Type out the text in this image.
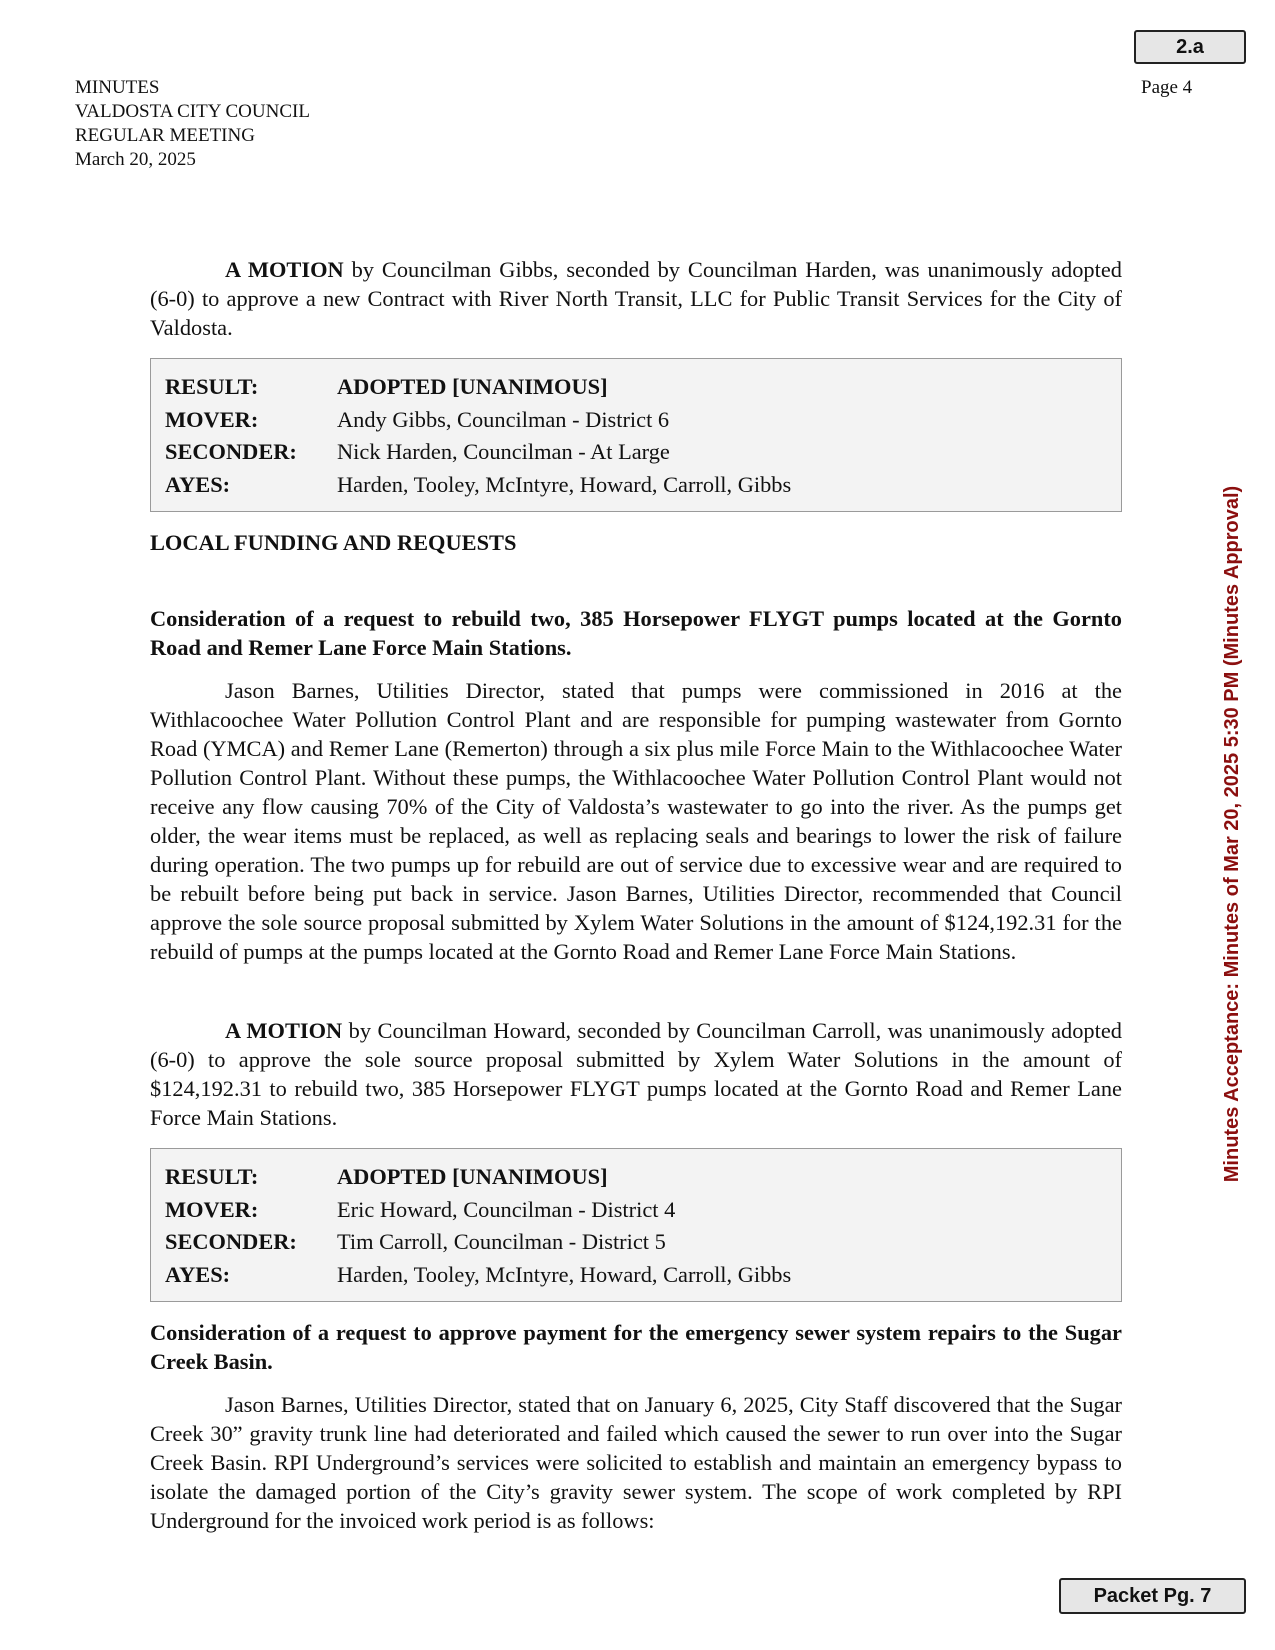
2.a
MINUTES
VALDOSTA CITY COUNCIL
REGULAR MEETING
March 20, 2025
Page 4
Minutes Acceptance: Minutes of Mar 20, 2025 5:30 PM (Minutes Approval)

A MOTION by Councilman Gibbs, seconded by Councilman Harden, was unanimously adopted (6-0) to approve a new Contract with River North Transit, LLC for Public Transit Services for the City of Valdosta.

RESULT:	ADOPTED [UNANIMOUS]
MOVER:	Andy Gibbs, Councilman - District 6
SECONDER:	Nick Harden, Councilman - At Large
AYES:	Harden, Tooley, McIntyre, Howard, Carroll, Gibbs

LOCAL FUNDING AND REQUESTS

Consideration of a request to rebuild two, 385 Horsepower FLYGT pumps located at the Gornto Road and Remer Lane Force Main Stations.

Jason Barnes, Utilities Director, stated that pumps were commissioned in 2016 at the Withlacoochee Water Pollution Control Plant and are responsible for pumping wastewater from Gornto Road (YMCA) and Remer Lane (Remerton) through a six plus mile Force Main to the Withlacoochee Water Pollution Control Plant. Without these pumps, the Withlacoochee Water Pollution Control Plant would not receive any flow causing 70% of the City of Valdosta’s wastewater to go into the river. As the pumps get older, the wear items must be replaced, as well as replacing seals and bearings to lower the risk of failure during operation. The two pumps up for rebuild are out of service due to excessive wear and are required to be rebuilt before being put back in service. Jason Barnes, Utilities Director, recommended that Council approve the sole source proposal submitted by Xylem Water Solutions in the amount of $124,192.31 for the rebuild of pumps at the pumps located at the Gornto Road and Remer Lane Force Main Stations.

A MOTION by Councilman Howard, seconded by Councilman Carroll, was unanimously adopted (6-0) to approve the sole source proposal submitted by Xylem Water Solutions in the amount of $124,192.31 to rebuild two, 385 Horsepower FLYGT pumps located at the Gornto Road and Remer Lane Force Main Stations.

RESULT:	ADOPTED [UNANIMOUS]
MOVER:	Eric Howard, Councilman - District 4
SECONDER:	Tim Carroll, Councilman - District 5
AYES:	Harden, Tooley, McIntyre, Howard, Carroll, Gibbs

Consideration of a request to approve payment for the emergency sewer system repairs to the Sugar Creek Basin.

Jason Barnes, Utilities Director, stated that on January 6, 2025, City Staff discovered that the Sugar Creek 30” gravity trunk line had deteriorated and failed which caused the sewer to run over into the Sugar Creek Basin. RPI Underground’s services were solicited to establish and maintain an emergency bypass to isolate the damaged portion of the City’s gravity sewer system. The scope of work completed by RPI Underground for the invoiced work period is as follows:

Packet Pg. 7
